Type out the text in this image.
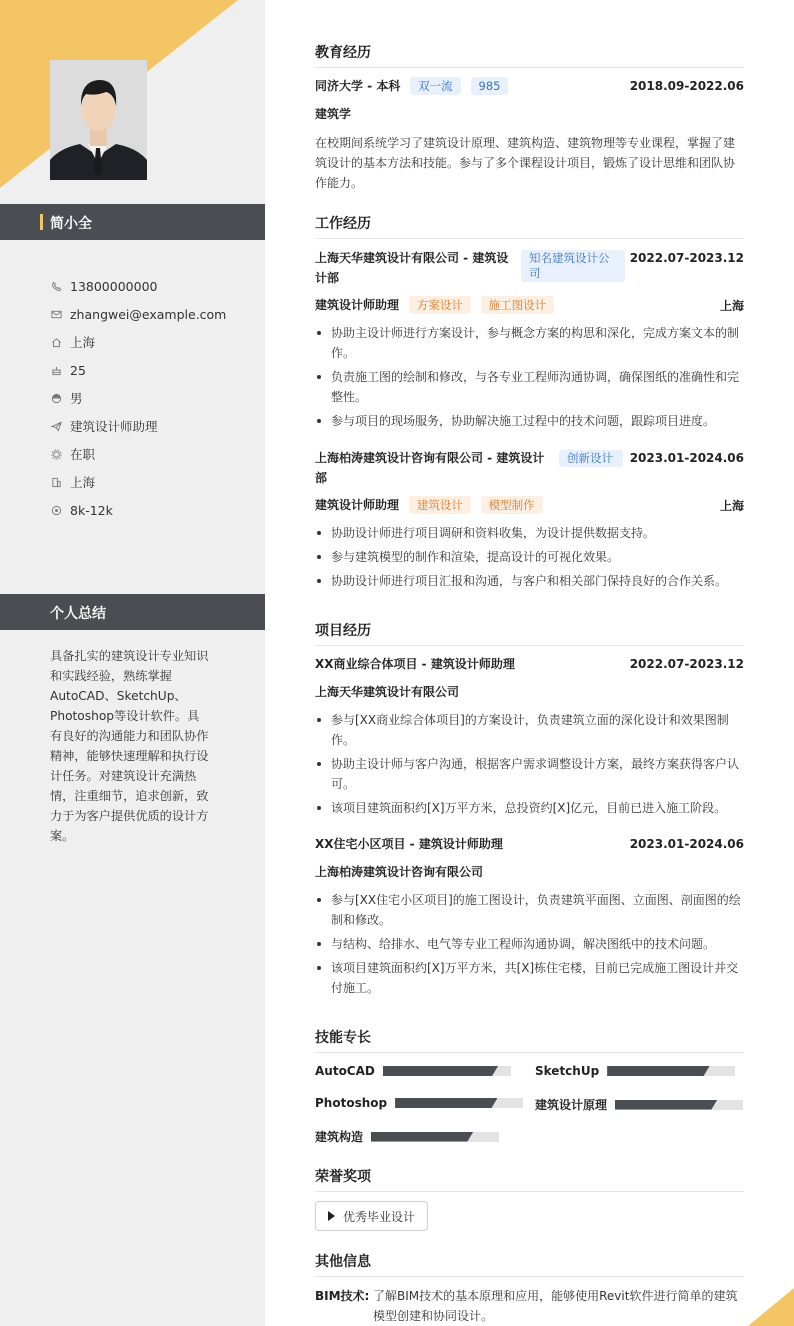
简小全
13800000000
zhangwei@example.com
上海
25
男
建筑设计师助理
在职
上海
8k-12k
个人总结
具备扎实的建筑设计专业知识和实践经验，熟练掌握AutoCAD、SketchUp、Photoshop等设计软件。具有良好的沟通能力和团队协作精神，能够快速理解和执行设计任务。对建筑设计充满热情，注重细节，追求创新，致力于为客户提供优质的设计方案。
教育经历
同济大学 - 本科 双一流 985	2018.09-2022.06
建筑学
在校期间系统学习了建筑设计原理、建筑构造、建筑物理等专业课程，掌握了建筑设计的基本方法和技能。参与了多个课程设计项目，锻炼了设计思维和团队协作能力。
工作经历
上海天华建筑设计有限公司 - 建筑设计部
知名建筑设计公司
2022.07-2023.12
建筑设计师助理 方案设计 施工图设计	上海
协助主设计师进行方案设计，参与概念方案的构思和深化，完成方案文本的制作。
负责施工图的绘制和修改，与各专业工程师沟通协调，确保图纸的准确性和完整性。
参与项目的现场服务，协助解决施工过程中的技术问题，跟踪项目进度。
上海柏涛建筑设计咨询有限公司 - 建筑设计部
创新设计	2023.01-2024.06
建筑设计师助理 建筑设计 模型制作	上海
协助设计师进行项目调研和资料收集，为设计提供数据支持。
参与建筑模型的制作和渲染，提高设计的可视化效果。
协助设计师进行项目汇报和沟通，与客户和相关部门保持良好的合作关系。
项目经历
XX商业综合体项目 - 建筑设计师助理	2022.07-2023.12
上海天华建筑设计有限公司
参与[XX商业综合体项目]的方案设计，负责建筑立面的深化设计和效果图制作。
协助主设计师与客户沟通，根据客户需求调整设计方案，最终方案获得客户认可。
该项目建筑面积约[X]万平方米，总投资约[X]亿元，目前已进入施工阶段。
XX住宅小区项目 - 建筑设计师助理	2023.01-2024.06
上海柏涛建筑设计咨询有限公司
参与[XX住宅小区项目]的施工图设计，负责建筑平面图、立面图、剖面图的绘制和修改。
与结构、给排水、电气等专业工程师沟通协调，解决图纸中的技术问题。
该项目建筑面积约[X]万平方米，共[X]栋住宅楼，目前已完成施工图设计并交付施工。
技能专长
AutoCAD	SketchUp
Photoshop	建筑设计原理
建筑构造
荣誉奖项
优秀毕业设计
其他信息
BIM技术: 了解BIM技术的基本原理和应用，能够使用Revit软件进行简单的建筑模型创建和协同设计。
